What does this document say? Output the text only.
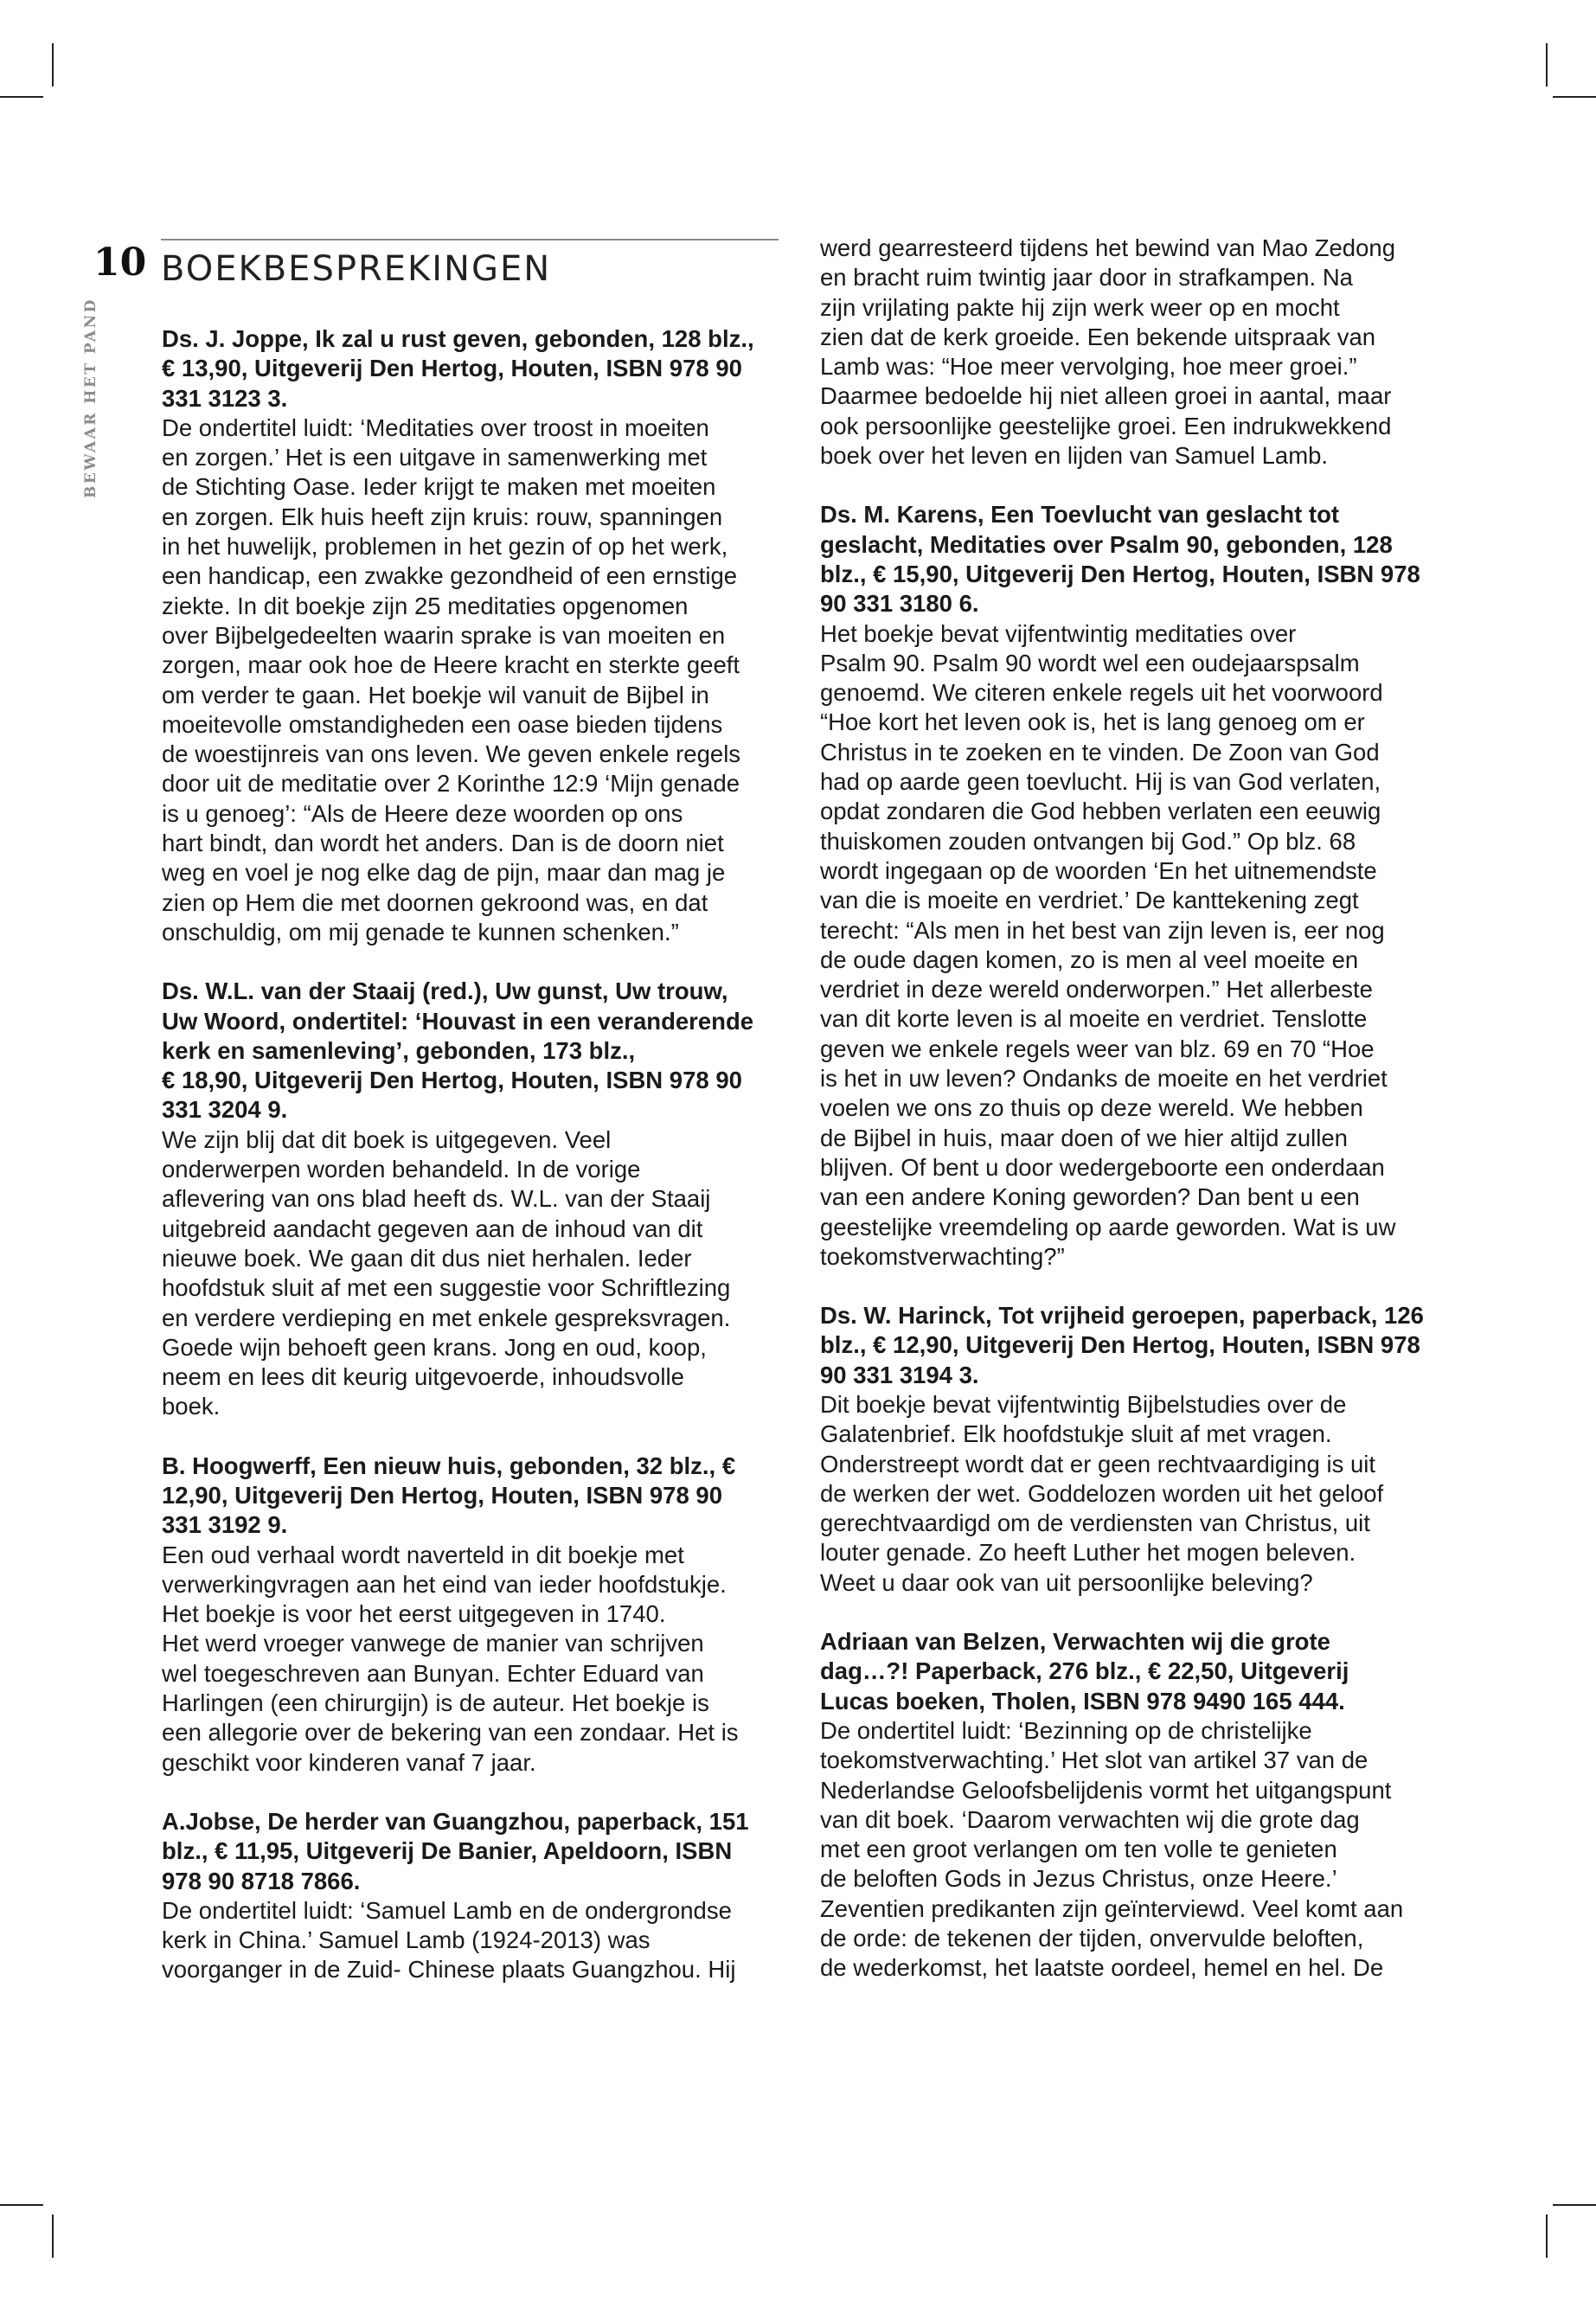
10
BEWAAR HET PAND
BOEKBESPREKINGEN

Ds. J. Joppe, Ik zal u rust geven, gebonden, 128 blz.,
€ 13,90, Uitgeverij Den Hertog, Houten, ISBN 978 90
331 3123 3.

De ondertitel luidt: ‘Meditaties over troost in moeiten
en zorgen.’ Het is een uitgave in samenwerking met
de Stichting Oase. Ieder krijgt te maken met moeiten
en zorgen. Elk huis heeft zijn kruis: rouw, spanningen
in het huwelijk, problemen in het gezin of op het werk,
een handicap, een zwakke gezondheid of een ernstige
ziekte. In dit boekje zijn 25 meditaties opgenomen
over Bijbelgedeelten waarin sprake is van moeiten en
zorgen, maar ook hoe de Heere kracht en sterkte geeft
om verder te gaan. Het boekje wil vanuit de Bijbel in
moeitevolle omstandigheden een oase bieden tijdens
de woestijnreis van ons leven. We geven enkele regels
door uit de meditatie over 2 Korinthe 12:9 ‘Mijn genade
is u genoeg’: “Als de Heere deze woorden op ons
hart bindt, dan wordt het anders. Dan is de doorn niet
weg en voel je nog elke dag de pijn, maar dan mag je
zien op Hem die met doornen gekroond was, en dat
onschuldig, om mij genade te kunnen schenken.”

Ds. W.L. van der Staaij (red.), Uw gunst, Uw trouw,
Uw Woord, ondertitel: ‘Houvast in een veranderende
kerk en samenleving’, gebonden, 173 blz.,
€ 18,90, Uitgeverij Den Hertog, Houten, ISBN 978 90
331 3204 9.

We zijn blij dat dit boek is uitgegeven. Veel
onderwerpen worden behandeld. In de vorige
aflevering van ons blad heeft ds. W.L. van der Staaij
uitgebreid aandacht gegeven aan de inhoud van dit
nieuwe boek. We gaan dit dus niet herhalen. Ieder
hoofdstuk sluit af met een suggestie voor Schriftlezing
en verdere verdieping en met enkele gespreksvragen.
Goede wijn behoeft geen krans. Jong en oud, koop,
neem en lees dit keurig uitgevoerde, inhoudsvolle
boek.

B. Hoogwerff, Een nieuw huis, gebonden, 32 blz., €
12,90, Uitgeverij Den Hertog, Houten, ISBN 978 90
331 3192 9.

Een oud verhaal wordt naverteld in dit boekje met
verwerkingvragen aan het eind van ieder hoofdstukje.
Het boekje is voor het eerst uitgegeven in 1740.
Het werd vroeger vanwege de manier van schrijven
wel toegeschreven aan Bunyan. Echter Eduard van
Harlingen (een chirurgijn) is de auteur. Het boekje is
een allegorie over de bekering van een zondaar. Het is
geschikt voor kinderen vanaf 7 jaar.

A.Jobse, De herder van Guangzhou, paperback, 151
blz., € 11,95, Uitgeverij De Banier, Apeldoorn, ISBN
978 90 8718 7866.

De ondertitel luidt: ‘Samuel Lamb en de ondergrondse
kerk in China.’ Samuel Lamb (1924-2013) was
voorganger in de Zuid- Chinese plaats Guangzhou. Hij

werd gearresteerd tijdens het bewind van Mao Zedong
en bracht ruim twintig jaar door in strafkampen. Na
zijn vrijlating pakte hij zijn werk weer op en mocht
zien dat de kerk groeide. Een bekende uitspraak van
Lamb was: “Hoe meer vervolging, hoe meer groei.”
Daarmee bedoelde hij niet alleen groei in aantal, maar
ook persoonlijke geestelijke groei. Een indrukwekkend
boek over het leven en lijden van Samuel Lamb.

Ds. M. Karens, Een Toevlucht van geslacht tot
geslacht, Meditaties over Psalm 90, gebonden, 128
blz., € 15,90, Uitgeverij Den Hertog, Houten, ISBN 978
90 331 3180 6.

Het boekje bevat vijfentwintig meditaties over
Psalm 90. Psalm 90 wordt wel een oudejaarspsalm
genoemd. We citeren enkele regels uit het voorwoord
“Hoe kort het leven ook is, het is lang genoeg om er
Christus in te zoeken en te vinden. De Zoon van God
had op aarde geen toevlucht. Hij is van God verlaten,
opdat zondaren die God hebben verlaten een eeuwig
thuiskomen zouden ontvangen bij God.” Op blz. 68
wordt ingegaan op de woorden ‘En het uitnemendste
van die is moeite en verdriet.’ De kanttekening zegt
terecht: “Als men in het best van zijn leven is, eer nog
de oude dagen komen, zo is men al veel moeite en
verdriet in deze wereld onderworpen.” Het allerbeste
van dit korte leven is al moeite en verdriet. Tenslotte
geven we enkele regels weer van blz. 69 en 70 “Hoe
is het in uw leven? Ondanks de moeite en het verdriet
voelen we ons zo thuis op deze wereld. We hebben
de Bijbel in huis, maar doen of we hier altijd zullen
blijven. Of bent u door wedergeboorte een onderdaan
van een andere Koning geworden? Dan bent u een
geestelijke vreemdeling op aarde geworden. Wat is uw
toekomstverwachting?”

Ds. W. Harinck, Tot vrijheid geroepen, paperback, 126
blz., € 12,90, Uitgeverij Den Hertog, Houten, ISBN 978
90 331 3194 3.

Dit boekje bevat vijfentwintig Bijbelstudies over de
Galatenbrief. Elk hoofdstukje sluit af met vragen.
Onderstreept wordt dat er geen rechtvaardiging is uit
de werken der wet. Goddelozen worden uit het geloof
gerechtvaardigd om de verdiensten van Christus, uit
louter genade. Zo heeft Luther het mogen beleven.
Weet u daar ook van uit persoonlijke beleving?

Adriaan van Belzen, Verwachten wij die grote
dag…?! Paperback, 276 blz., € 22,50, Uitgeverij
Lucas boeken, Tholen, ISBN 978 9490 165 444.

De ondertitel luidt: ‘Bezinning op de christelijke
toekomstverwachting.’ Het slot van artikel 37 van de
Nederlandse Geloofsbelijdenis vormt het uitgangspunt
van dit boek. ‘Daarom verwachten wij die grote dag
met een groot verlangen om ten volle te genieten
de beloften Gods in Jezus Christus, onze Heere.’
Zeventien predikanten zijn geïnterviewd. Veel komt aan
de orde: de tekenen der tijden, onvervulde beloften,
de wederkomst, het laatste oordeel, hemel en hel. De
